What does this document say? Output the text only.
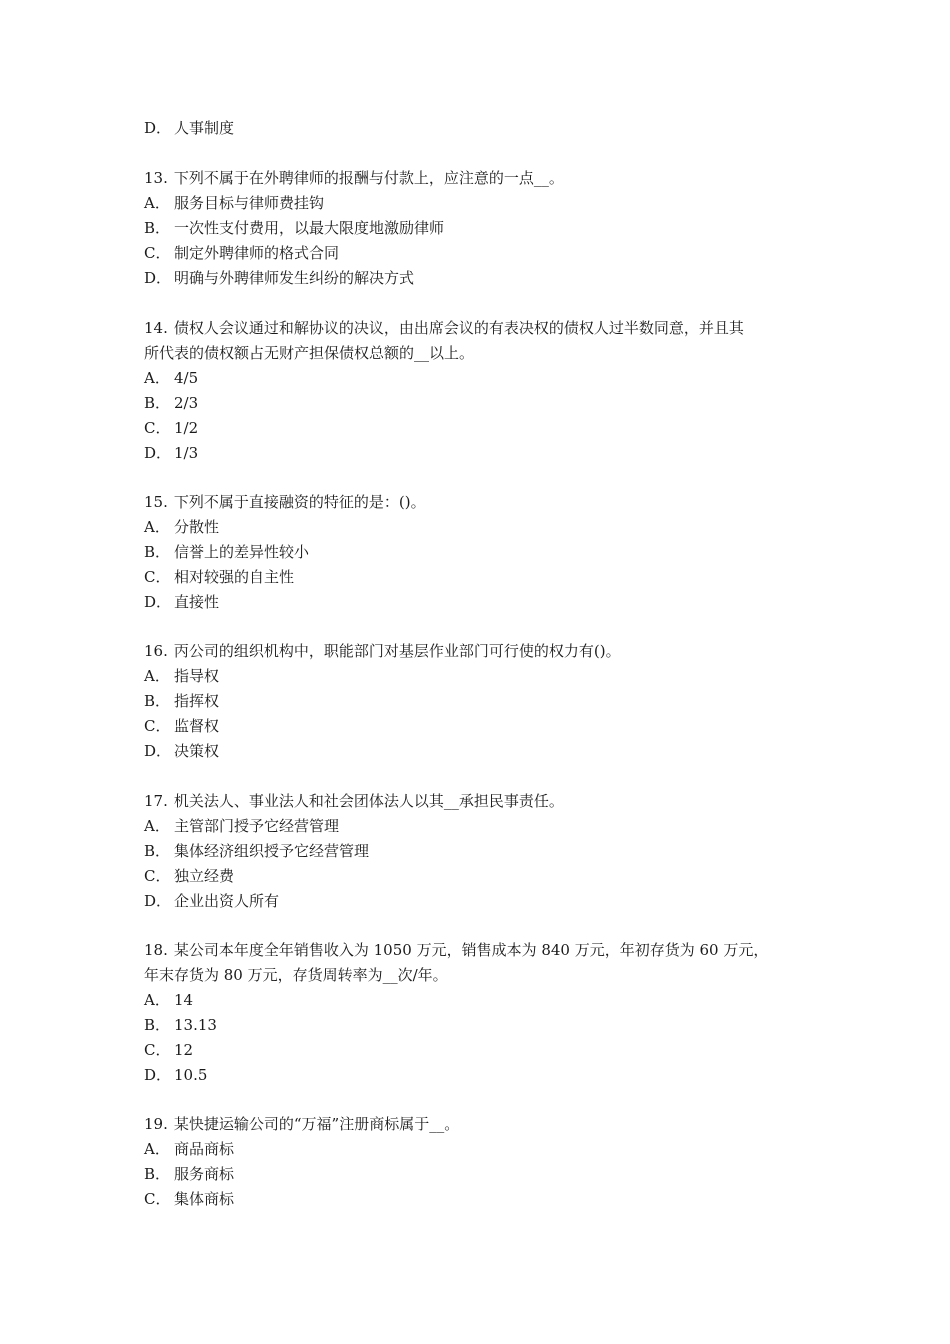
D． 人事制度
13. 下列不属于在外聘律师的报酬与付款上，应注意的一点__。
A． 服务目标与律师费挂钩
B． 一次性支付费用，以最大限度地激励律师
C． 制定外聘律师的格式合同
D． 明确与外聘律师发生纠纷的解决方式
14. 债权人会议通过和解协议的决议，由出席会议的有表决权的债权人过半数同意，并且其
所代表的债权额占无财产担保债权总额的__以上。
A． 4/5
B． 2/3
C． 1/2
D． 1/3
15. 下列不属于直接融资的特征的是：()。
A． 分散性
B． 信誉上的差异性较小
C． 相对较强的自主性
D． 直接性
16. 丙公司的组织机构中，职能部门对基层作业部门可行使的权力有()。
A． 指导权
B． 指挥权
C． 监督权
D． 决策权
17. 机关法人、事业法人和社会团体法人以其__承担民事责任。
A． 主管部门授予它经营管理
B． 集体经济组织授予它经营管理
C． 独立经费
D． 企业出资人所有
18. 某公司本年度全年销售收入为 1050 万元，销售成本为 840 万元，年初存货为 60 万元，
年末存货为 80 万元，存货周转率为__次/年。
A． 14
B． 13.13
C． 12
D． 10.5
19. 某快捷运输公司的“万福”注册商标属于__。
A． 商品商标
B． 服务商标
C． 集体商标
